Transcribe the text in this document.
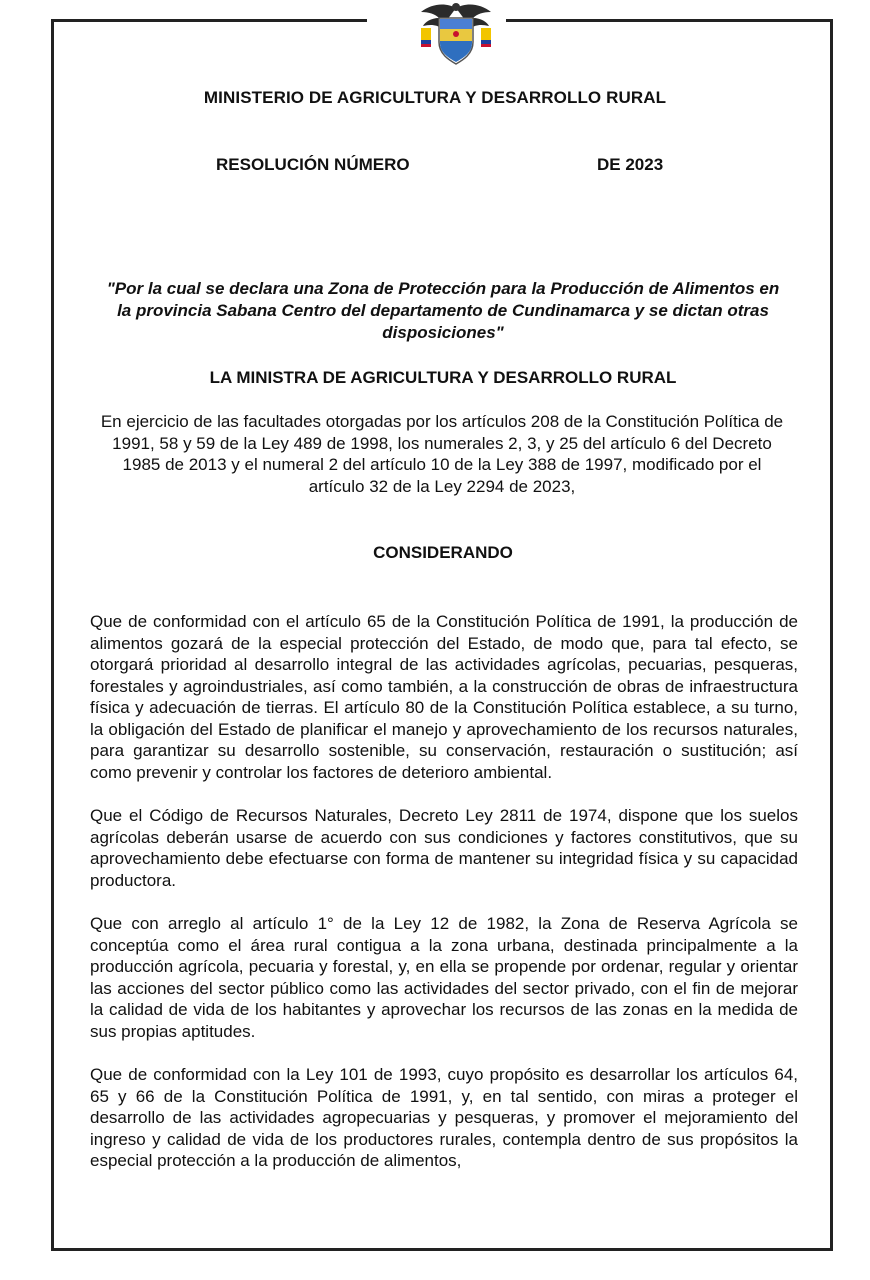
MINISTERIO DE AGRICULTURA Y DESARROLLO RURAL
RESOLUCIÓN NÚMERO	DE 2023
"Por la cual se declara una Zona de Protección para la Producción de Alimentos en la provincia Sabana Centro del departamento de Cundinamarca y se dictan otras disposiciones"
LA MINISTRA DE AGRICULTURA Y DESARROLLO RURAL
En ejercicio de las facultades otorgadas por los artículos 208 de la Constitución Política de 1991, 58 y 59 de la Ley 489 de 1998, los numerales 2, 3, y 25 del artículo 6 del Decreto 1985 de 2013 y el numeral 2 del artículo 10 de la Ley 388 de 1997, modificado por el artículo 32 de la Ley 2294 de 2023,
CONSIDERANDO

Que de conformidad con el artículo 65 de la Constitución Política de 1991, la producción de alimentos gozará de la especial protección del Estado, de modo que, para tal efecto, se otorgará prioridad al desarrollo integral de las actividades agrícolas, pecuarias, pesqueras, forestales y agroindustriales, así como también, a la construcción de obras de infraestructura física y adecuación de tierras. El artículo 80 de la Constitución Política establece, a su turno, la obligación del Estado de planificar el manejo y aprovechamiento de los recursos naturales, para garantizar su desarrollo sostenible, su conservación, restauración o sustitución; así como prevenir y controlar los factores de deterioro ambiental.

Que el Código de Recursos Naturales, Decreto Ley 2811 de 1974, dispone que los suelos agrícolas deberán usarse de acuerdo con sus condiciones y factores constitutivos, que su aprovechamiento debe efectuarse con forma de mantener su integridad física y su capacidad productora.

Que con arreglo al artículo 1° de la Ley 12 de 1982, la Zona de Reserva Agrícola se conceptúa como el área rural contigua a la zona urbana, destinada principalmente a la producción agrícola, pecuaria y forestal, y, en ella se propende por ordenar, regular y orientar las acciones del sector público como las actividades del sector privado, con el fin de mejorar la calidad de vida de los habitantes y aprovechar los recursos de las zonas en la medida de sus propias aptitudes.

Que de conformidad con la Ley 101 de 1993, cuyo propósito es desarrollar los artículos 64, 65 y 66 de la Constitución Política de 1991, y, en tal sentido, con miras a proteger el desarrollo de las actividades agropecuarias y pesqueras, y promover el mejoramiento del ingreso y calidad de vida de los productores rurales, contempla dentro de sus propósitos la especial protección a la producción de alimentos,
